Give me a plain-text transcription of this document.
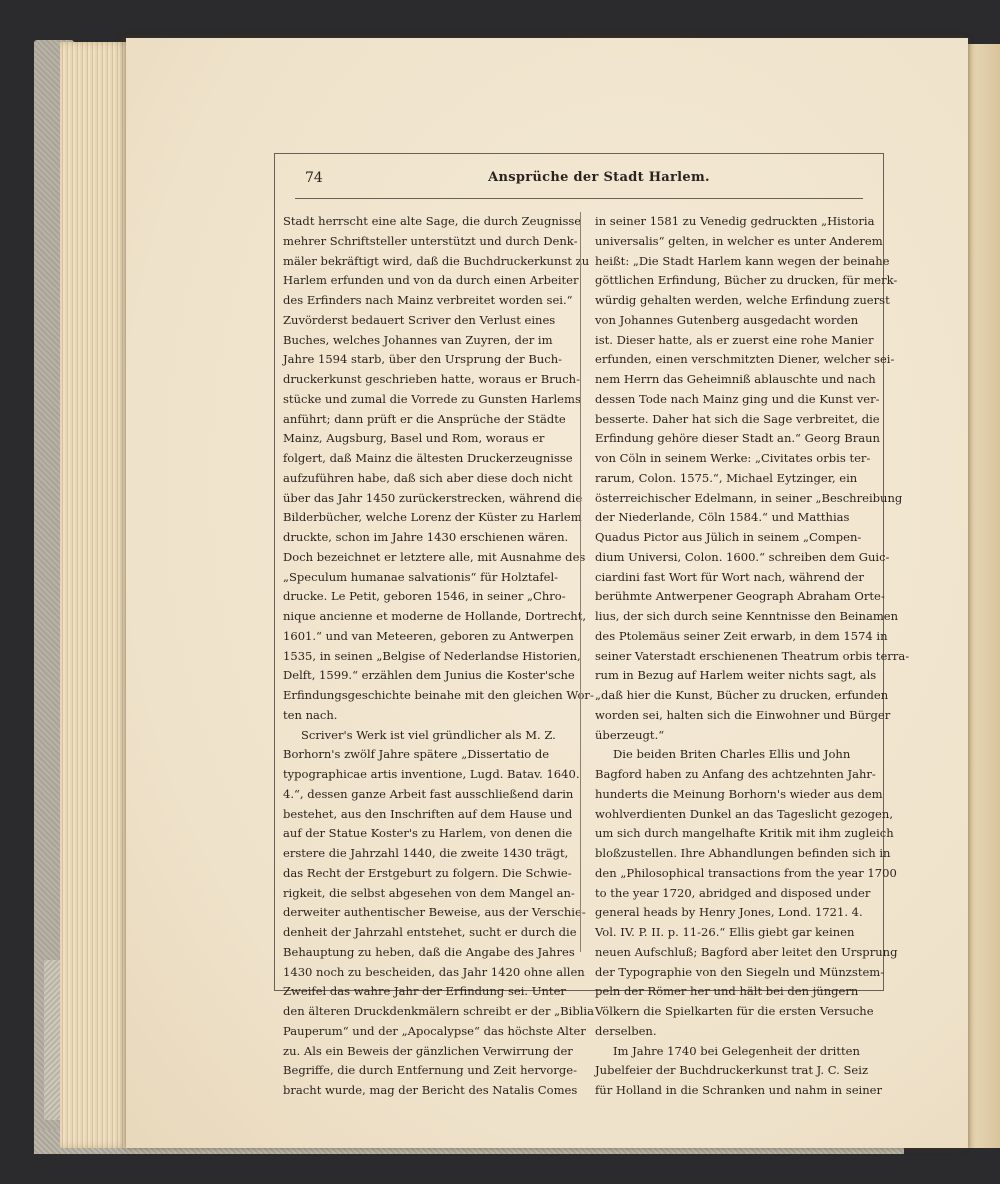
74	Ansprüche der Stadt Harlem.
Stadt herrscht eine alte Sage, die durch Zeugnisse
mehrer Schriftsteller unterstützt und durch Denk-
mäler bekräftigt wird, daß die Buchdruckerkunst zu
Harlem erfunden und von da durch einen Arbeiter
des Erfinders nach Mainz verbreitet worden sei.“
Zuvörderst bedauert Scriver den Verlust eines
Buches, welches Johannes van Zuyren, der im
Jahre 1594 starb, über den Ursprung der Buch-
druckerkunst geschrieben hatte, woraus er Bruch-
stücke und zumal die Vorrede zu Gunsten Harlems
anführt; dann prüft er die Ansprüche der Städte
Mainz, Augsburg, Basel und Rom, woraus er
folgert, daß Mainz die ältesten Druckerzeugnisse
aufzuführen habe, daß sich aber diese doch nicht
über das Jahr 1450 zurückerstrecken, während die
Bilderbücher, welche Lorenz der Küster zu Harlem
druckte, schon im Jahre 1430 erschienen wären.
Doch bezeichnet er letztere alle, mit Ausnahme des
„Speculum humanae salvationis“ für Holztafel-
drucke. Le Petit, geboren 1546, in seiner „Chro-
nique ancienne et moderne de Hollande, Dortrecht,
1601.“ und van Meteeren, geboren zu Antwerpen
1535, in seinen „Belgise of Nederlandse Historien,
Delft, 1599.“ erzählen dem Junius die Koster'sche
Erfindungsgeschichte beinahe mit den gleichen Wor-
ten nach.
Scriver's Werk ist viel gründlicher als M. Z.
Borhorn's zwölf Jahre spätere „Dissertatio de
typographicae artis inventione, Lugd. Batav. 1640.
4.“, dessen ganze Arbeit fast ausschließend darin
bestehet, aus den Inschriften auf dem Hause und
auf der Statue Koster's zu Harlem, von denen die
erstere die Jahrzahl 1440, die zweite 1430 trägt,
das Recht der Erstgeburt zu folgern. Die Schwie-
rigkeit, die selbst abgesehen von dem Mangel an-
derweiter authentischer Beweise, aus der Verschie-
denheit der Jahrzahl entstehet, sucht er durch die
Behauptung zu heben, daß die Angabe des Jahres
1430 noch zu bescheiden, das Jahr 1420 ohne allen
Zweifel das wahre Jahr der Erfindung sei. Unter
den älteren Druckdenkmälern schreibt er der „Biblia
Pauperum“ und der „Apocalypse“ das höchste Alter
zu. Als ein Beweis der gänzlichen Verwirrung der
Begriffe, die durch Entfernung und Zeit hervorge-
bracht wurde, mag der Bericht des Natalis Comes
in seiner 1581 zu Venedig gedruckten „Historia
universalis“ gelten, in welcher es unter Anderem
heißt: „Die Stadt Harlem kann wegen der beinahe
göttlichen Erfindung, Bücher zu drucken, für merk-
würdig gehalten werden, welche Erfindung zuerst
von Johannes Gutenberg ausgedacht worden
ist. Dieser hatte, als er zuerst eine rohe Manier
erfunden, einen verschmitzten Diener, welcher sei-
nem Herrn das Geheimniß ablauschte und nach
dessen Tode nach Mainz ging und die Kunst ver-
besserte. Daher hat sich die Sage verbreitet, die
Erfindung gehöre dieser Stadt an.“ Georg Braun
von Cöln in seinem Werke: „Civitates orbis ter-
rarum, Colon. 1575.“, Michael Eytzinger, ein
österreichischer Edelmann, in seiner „Beschreibung
der Niederlande, Cöln 1584.“ und Matthias
Quadus Pictor aus Jülich in seinem „Compen-
dium Universi, Colon. 1600.“ schreiben dem Guic-
ciardini fast Wort für Wort nach, während der
berühmte Antwerpener Geograph Abraham Orte-
lius, der sich durch seine Kenntnisse den Beinamen
des Ptolemäus seiner Zeit erwarb, in dem 1574 in
seiner Vaterstadt erschienenen Theatrum orbis terra-
rum in Bezug auf Harlem weiter nichts sagt, als
„daß hier die Kunst, Bücher zu drucken, erfunden
worden sei, halten sich die Einwohner und Bürger
überzeugt.“
Die beiden Briten Charles Ellis und John
Bagford haben zu Anfang des achtzehnten Jahr-
hunderts die Meinung Borhorn's wieder aus dem
wohlverdienten Dunkel an das Tageslicht gezogen,
um sich durch mangelhafte Kritik mit ihm zugleich
bloßzustellen. Ihre Abhandlungen befinden sich in
den „Philosophical transactions from the year 1700
to the year 1720, abridged and disposed under
general heads by Henry Jones, Lond. 1721. 4.
Vol. IV. P. II. p. 11-26.“ Ellis giebt gar keinen
neuen Aufschluß; Bagford aber leitet den Ursprung
der Typographie von den Siegeln und Münzstem-
peln der Römer her und hält bei den jüngern
Völkern die Spielkarten für die ersten Versuche
derselben.
Im Jahre 1740 bei Gelegenheit der dritten
Jubelfeier der Buchdruckerkunst trat J. C. Seiz
für Holland in die Schranken und nahm in seiner
